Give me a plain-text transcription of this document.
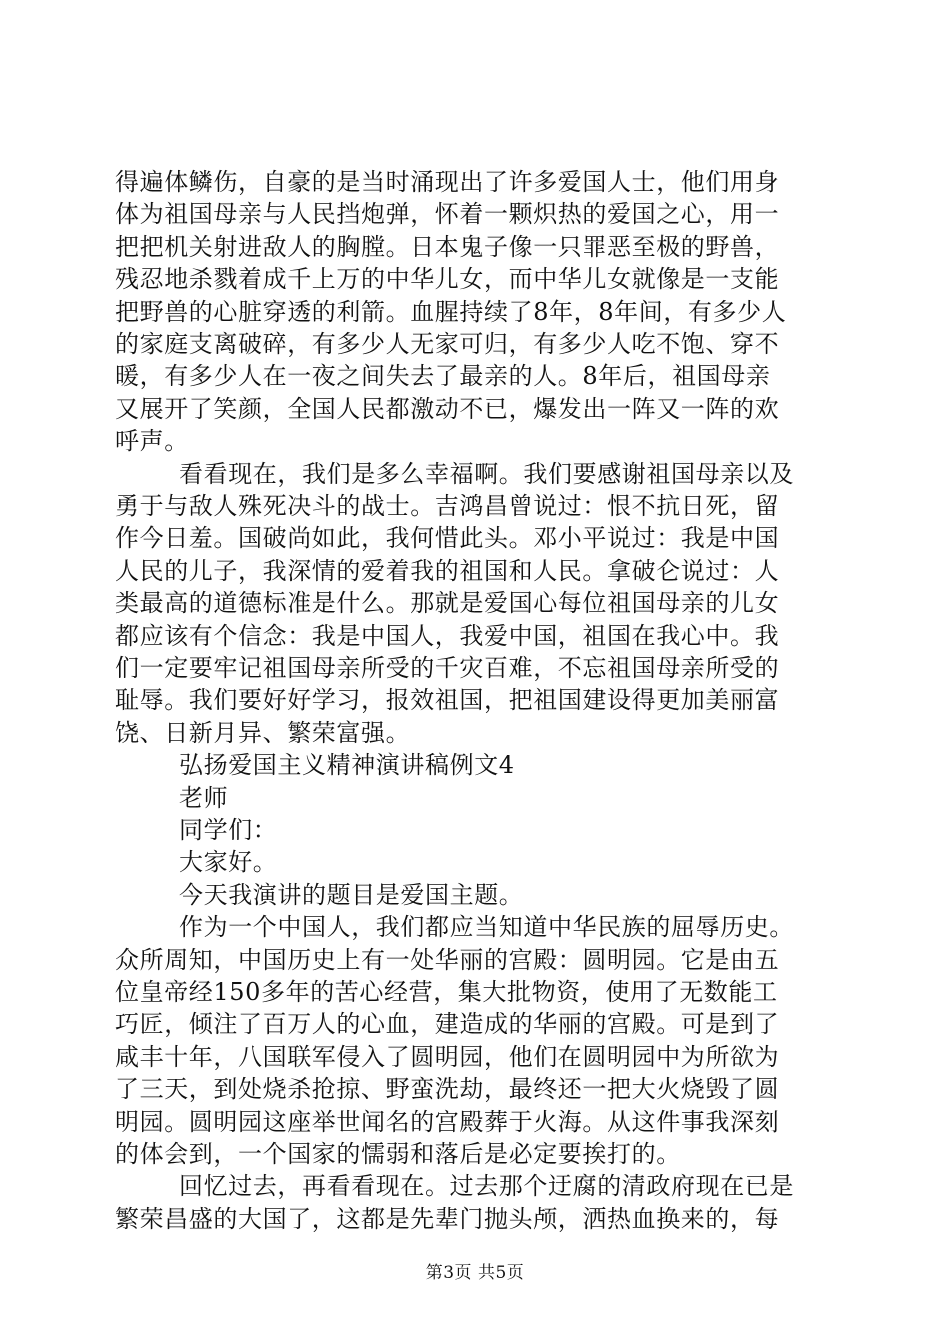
得遍体鳞伤，自豪的是当时涌现出了许多爱国人士，他们用身
体为祖国母亲与人民挡炮弹，怀着一颗炽热的爱国之心，用一
把把机关射进敌人的胸膛。日本鬼子像一只罪恶至极的野兽，
残忍地杀戮着成千上万的中华儿女，而中华儿女就像是一支能
把野兽的心脏穿透的利箭。血腥持续了8年，8年间，有多少人
的家庭支离破碎，有多少人无家可归，有多少人吃不饱、穿不
暖，有多少人在一夜之间失去了最亲的人。8年后，祖国母亲
又展开了笑颜，全国人民都激动不已，爆发出一阵又一阵的欢
呼声。
看看现在，我们是多么幸福啊。我们要感谢祖国母亲以及
勇于与敌人殊死决斗的战士。吉鸿昌曾说过：恨不抗日死，留
作今日羞。国破尚如此，我何惜此头。邓小平说过：我是中国
人民的儿子，我深情的爱着我的祖国和人民。拿破仑说过：人
类最高的道德标准是什么。那就是爱国心每位祖国母亲的儿女
都应该有个信念：我是中国人，我爱中国，祖国在我心中。我
们一定要牢记祖国母亲所受的千灾百难，不忘祖国母亲所受的
耻辱。我们要好好学习，报效祖国，把祖国建设得更加美丽富
饶、日新月异、繁荣富强。
弘扬爱国主义精神演讲稿例文4
老师
同学们：
大家好。
今天我演讲的题目是爱国主题。
作为一个中国人，我们都应当知道中华民族的屈辱历史。
众所周知，中国历史上有一处华丽的宫殿：圆明园。它是由五
位皇帝经150多年的苦心经营，集大批物资，使用了无数能工
巧匠，倾注了百万人的心血，建造成的华丽的宫殿。可是到了
咸丰十年，八国联军侵入了圆明园，他们在圆明园中为所欲为
了三天，到处烧杀抢掠、野蛮洗劫，最终还一把大火烧毁了圆
明园。圆明园这座举世闻名的宫殿葬于火海。从这件事我深刻
的体会到，一个国家的懦弱和落后是必定要挨打的。
回忆过去，再看看现在。过去那个迂腐的清政府现在已是
繁荣昌盛的大国了，这都是先辈门抛头颅，洒热血换来的，每
第3页 共5页
